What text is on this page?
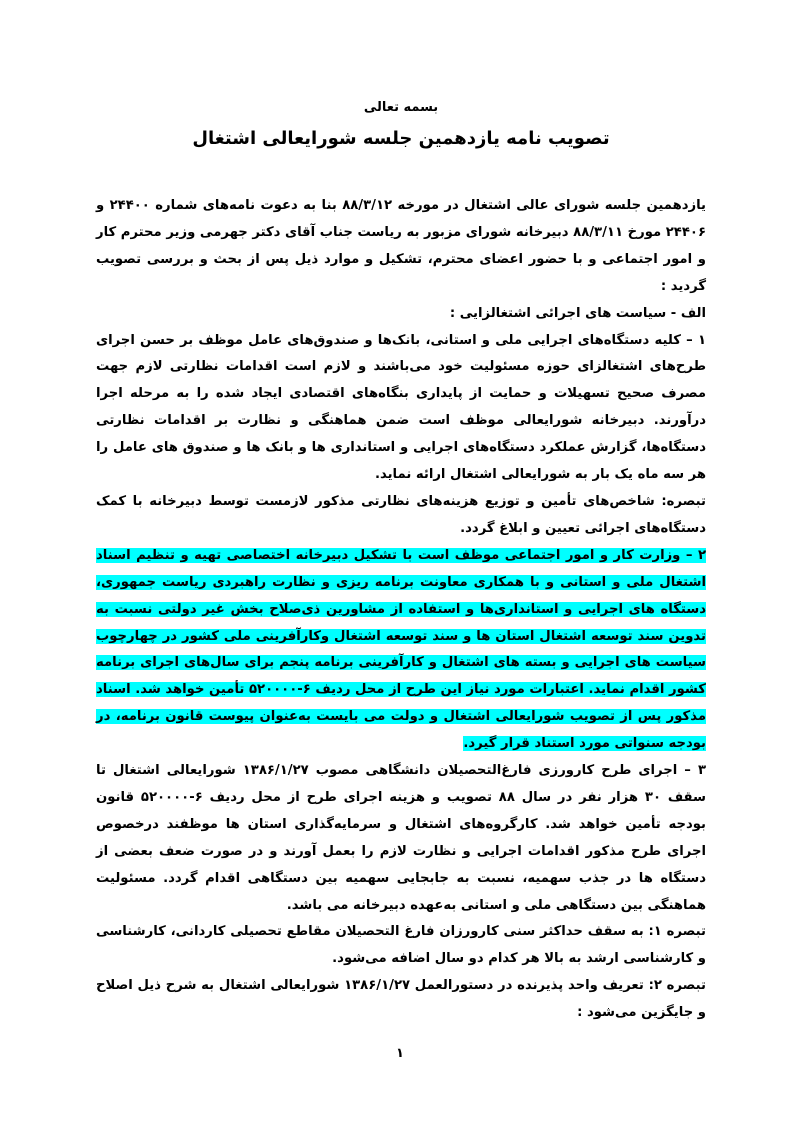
بسمه تعالی
تصویب نامه یازدهمین جلسه شورایعالی اشتغال

یازدهمین جلسه شورای عالی اشتغال در مورخه ۸۸/۳/۱۲ بنا به دعوت نامه‌های شماره ۲۴۴۰۰ و ۲۴۴۰۶ مورخ ۸۸/۳/۱۱ دبیرخانه شورای مزبور به ریاست جناب آقای دکتر جهرمی وزیر محترم کار و امور اجتماعی و با حضور اعضای محترم، تشکیل و موارد ذیل پس از بحث و بررسی تصویب گردید :

الف - سیاست های اجرائی اشتغالزایی :

۱ – کلیه دستگاه‌های اجرایی ملی و استانی، بانک‌ها و صندوق‌های عامل موظف بر حسن اجرای طرح‌های اشتغالزای حوزه مسئولیت خود می‌باشند و لازم است اقدامات نظارتی لازم جهت مصرف صحیح تسهیلات و حمایت از پایداری بنگاه‌های اقتصادی ایجاد شده را به مرحله اجرا درآورند. دبیرخانه شورایعالی موظف است ضمن هماهنگی و نظارت بر اقدامات نظارتی دستگاه‌ها، گزارش عملکرد دستگاه‌های اجرایی و استانداری ها و بانک ها و صندوق های عامل را هر سه ماه یک بار به شورایعالی اشتغال ارائه نماید.

تبصره: شاخص‌های تأمین و توزیع هزینه‌های نظارتی مذکور لازمست توسط دبیرخانه با کمک دستگاه‌های اجرائی تعیین و ابلاغ گردد.

۲ – وزارت کار و امور اجتماعی موظف است با تشکیل دبیرخانه اختصاصی تهیه و تنظیم اسناد اشتغال ملی و استانی و با همکاری معاونت برنامه ریزی و نظارت راهبردی ریاست جمهوری، دستگاه های اجرایی و استانداری‌ها و استفاده از مشاورین ذی‌صلاح بخش غیر دولتی نسبت به تدوین سند توسعه اشتغال استان ها و سند توسعه اشتغال وکارآفرینی ملی کشور در چهارچوب سیاست های اجرایی و بسته های اشتغال و کارآفرینی برنامه پنجم برای سال‌های اجرای برنامه کشور اقدام نماید. اعتبارات مورد نیاز این طرح از محل ردیف ۶-۵۲۰۰۰۰ تأمین خواهد شد. اسناد مذکور پس از تصویب شورایعالی اشتغال و دولت می بایست به‌عنوان پیوست قانون برنامه، در بودجه سنواتی مورد استناد قرار گیرد.

۳ – اجرای طرح کارورزی فارغ‌التحصیلان دانشگاهی مصوب ۱۳۸۶/۱/۲۷ شورایعالی اشتغال تا سقف ۳۰ هزار نفر در سال ۸۸ تصویب و هزینه اجرای طرح از محل ردیف ۶-۵۲۰۰۰۰ قانون بودجه تأمین خواهد شد. کارگروه‌های اشتغال و سرمایه‌گذاری استان ها موظفند درخصوص اجرای طرح مذکور اقدامات اجرایی و نظارت لازم را بعمل آورند و در صورت ضعف بعضی از دستگاه ها در جذب سهمیه، نسبت به جابجایی سهمیه بین دستگاهی اقدام گردد. مسئولیت هماهنگی بین دستگاهی ملی و استانی به‌عهده دبیرخانه می باشد.

تبصره ۱: به سقف حداکثر سنی کارورزان فارغ التحصیلان مقاطع تحصیلی کاردانی، کارشناسی و کارشناسی ارشد به بالا هر کدام دو سال اضافه می‌شود.

تبصره ۲: تعریف واحد پذیرنده در دستورالعمل ۱۳۸۶/۱/۲۷ شورایعالی اشتغال به شرح ذیل اصلاح و جایگزین می‌شود :

۱
